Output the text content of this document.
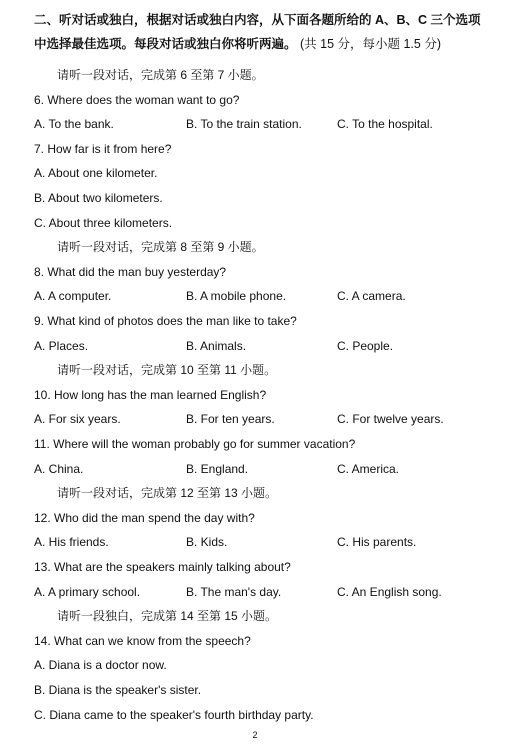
二、听对话或独白，根据对话或独白内容，从下面各题所给的 A、B、C 三个选项中选择最佳选项。每段对话或独白你将听两遍。 (共 15 分，每小题 1.5 分)
请听一段对话，完成第 6 至第 7 小题。
6. Where does the woman want to go?
A. To the bank.	B. To the train station.	C. To the hospital.
7. How far is it from here?
A. About one kilometer.
B. About two kilometers.
C. About three kilometers.
请听一段对话，完成第 8 至第 9 小题。
8. What did the man buy yesterday?
A. A computer.	B. A mobile phone.	C. A camera.
9. What kind of photos does the man like to take?
A. Places.	B. Animals.	C. People.
请听一段对话，完成第 10 至第 11 小题。
10. How long has the man learned English?
A. For six years.	B. For ten years.	C. For twelve years.
11. Where will the woman probably go for summer vacation?
A. China.	B. England.	C. America.
请听一段对话，完成第 12 至第 13 小题。
12. Who did the man spend the day with?
A. His friends.	B. Kids.	C. His parents.
13. What are the speakers mainly talking about?
A. A primary school.	B. The man's day.	C. An English song.
请听一段独白，完成第 14 至第 15 小题。
14. What can we know from the speech?
A. Diana is a doctor now.
B. Diana is the speaker's sister.
C. Diana came to the speaker's fourth birthday party.
2
